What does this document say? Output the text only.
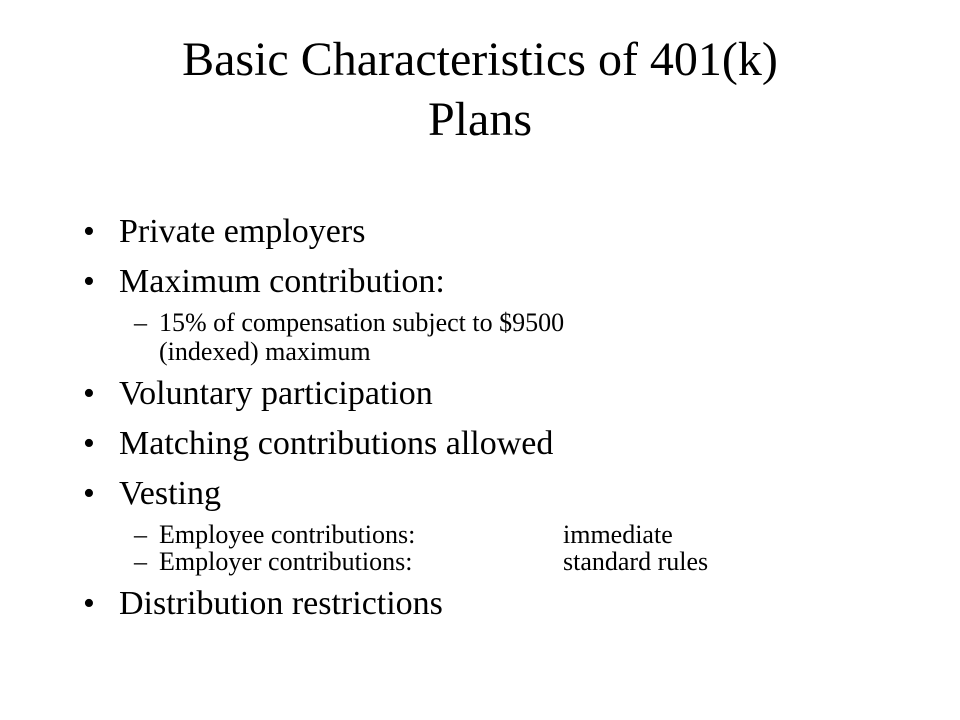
Basic Characteristics of 401(k)
Plans
• Private employers
• Maximum contribution:
– 15% of compensation subject to $9500
(indexed) maximum
• Voluntary participation
• Matching contributions allowed
• Vesting
– Employee contributions:	immediate
– Employer contributions:	standard rules
• Distribution restrictions
